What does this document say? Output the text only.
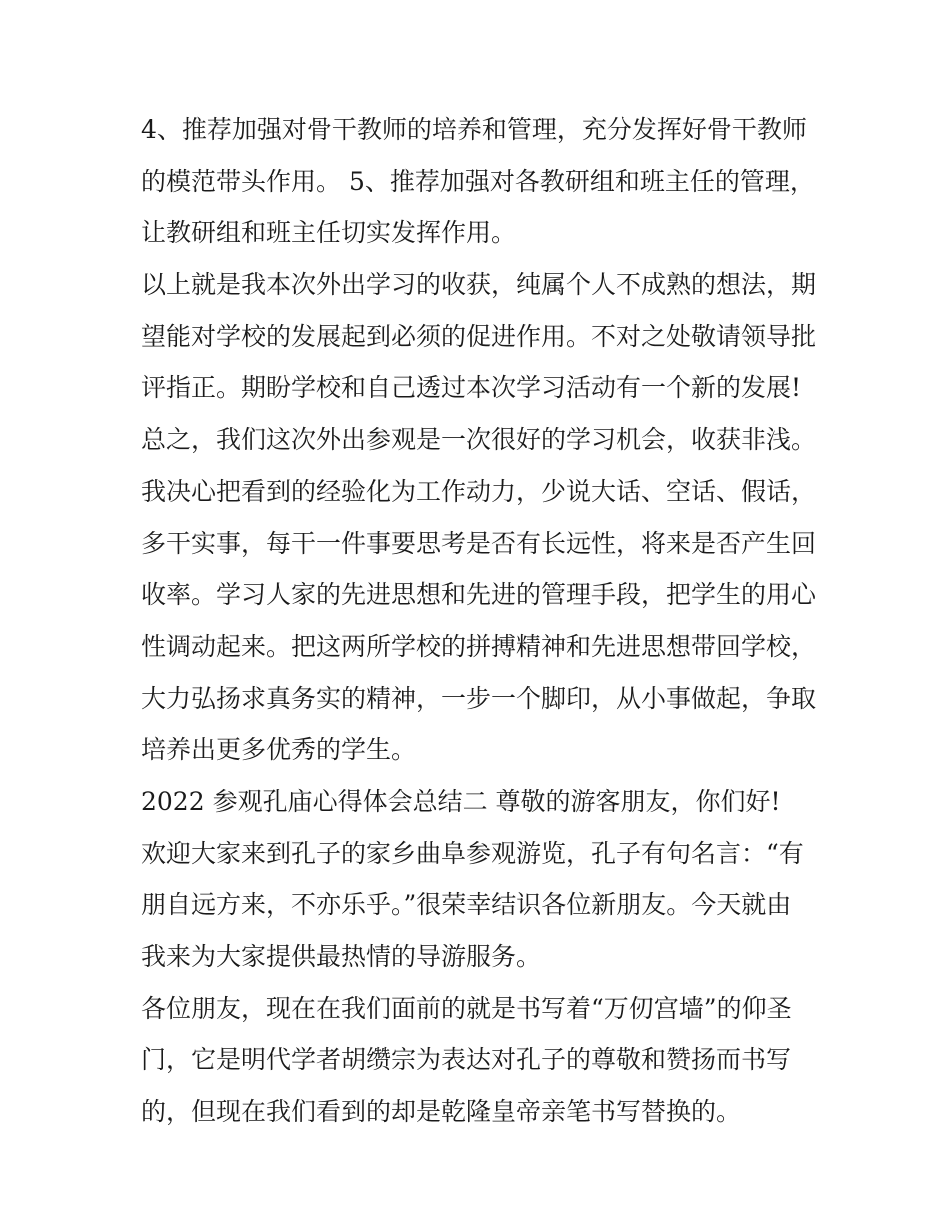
4、推荐加强对骨干教师的培养和管理，充分发挥好骨干教师
的模范带头作用。 5、推荐加强对各教研组和班主任的管理，
让教研组和班主任切实发挥作用。
以上就是我本次外出学习的收获，纯属个人不成熟的想法，期
望能对学校的发展起到必须的促进作用。不对之处敬请领导批
评指正。期盼学校和自己透过本次学习活动有一个新的发展!
总之，我们这次外出参观是一次很好的学习机会，收获非浅。
我决心把看到的经验化为工作动力，少说大话、空话、假话，
多干实事，每干一件事要思考是否有长远性，将来是否产生回
收率。学习人家的先进思想和先进的管理手段，把学生的用心
性调动起来。把这两所学校的拼搏精神和先进思想带回学校，
大力弘扬求真务实的精神，一步一个脚印，从小事做起，争取
培养出更多优秀的学生。
2022 参观孔庙心得体会总结二 尊敬的游客朋友，你们好!
欢迎大家来到孔子的家乡曲阜参观游览，孔子有句名言：“有
朋自远方来，不亦乐乎。”很荣幸结识各位新朋友。今天就由
我来为大家提供最热情的导游服务。
各位朋友，现在在我们面前的就是书写着“万仞宫墙”的仰圣
门，它是明代学者胡缵宗为表达对孔子的尊敬和赞扬而书写
的，但现在我们看到的却是乾隆皇帝亲笔书写替换的。
